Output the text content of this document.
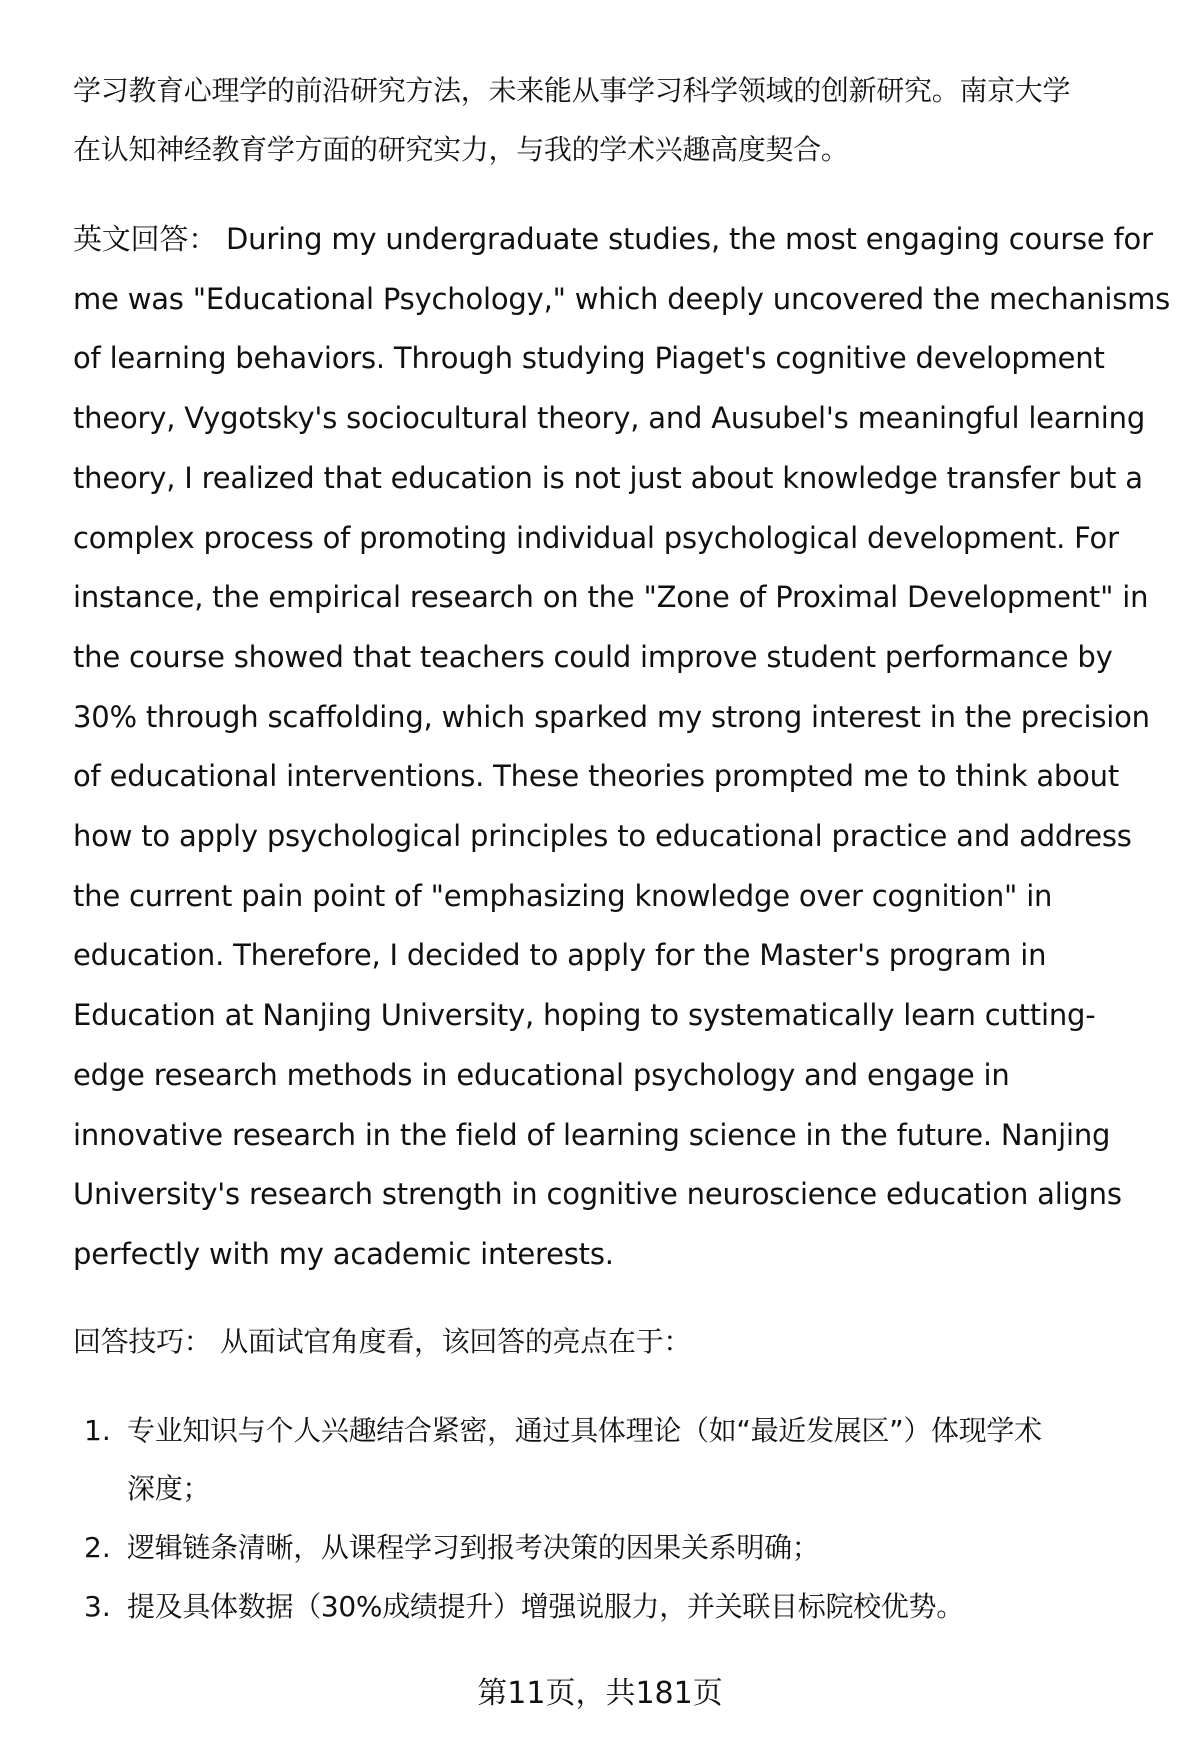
学习教育心理学的前沿研究方法，未来能从事学习科学领域的创新研究。南京大学
在认知神经教育学方面的研究实力，与我的学术兴趣高度契合。
英文回答： During my undergraduate studies, the most engaging course for
me was "Educational Psychology," which deeply uncovered the mechanisms
of learning behaviors. Through studying Piaget's cognitive development
theory, Vygotsky's sociocultural theory, and Ausubel's meaningful learning
theory, I realized that education is not just about knowledge transfer but a
complex process of promoting individual psychological development. For
instance, the empirical research on the "Zone of Proximal Development" in
the course showed that teachers could improve student performance by
30% through scaffolding, which sparked my strong interest in the precision
of educational interventions. These theories prompted me to think about
how to apply psychological principles to educational practice and address
the current pain point of "emphasizing knowledge over cognition" in
education. Therefore, I decided to apply for the Master's program in
Education at Nanjing University, hoping to systematically learn cutting-
edge research methods in educational psychology and engage in
innovative research in the field of learning science in the future. Nanjing
University's research strength in cognitive neuroscience education aligns
perfectly with my academic interests.
回答技巧： 从面试官角度看，该回答的亮点在于：
1. 专业知识与个人兴趣结合紧密，通过具体理论（如“最近发展区”）体现学术
深度；
2. 逻辑链条清晰，从课程学习到报考决策的因果关系明确；
3. 提及具体数据（30%成绩提升）增强说服力，并关联目标院校优势。
第11页，共181页
